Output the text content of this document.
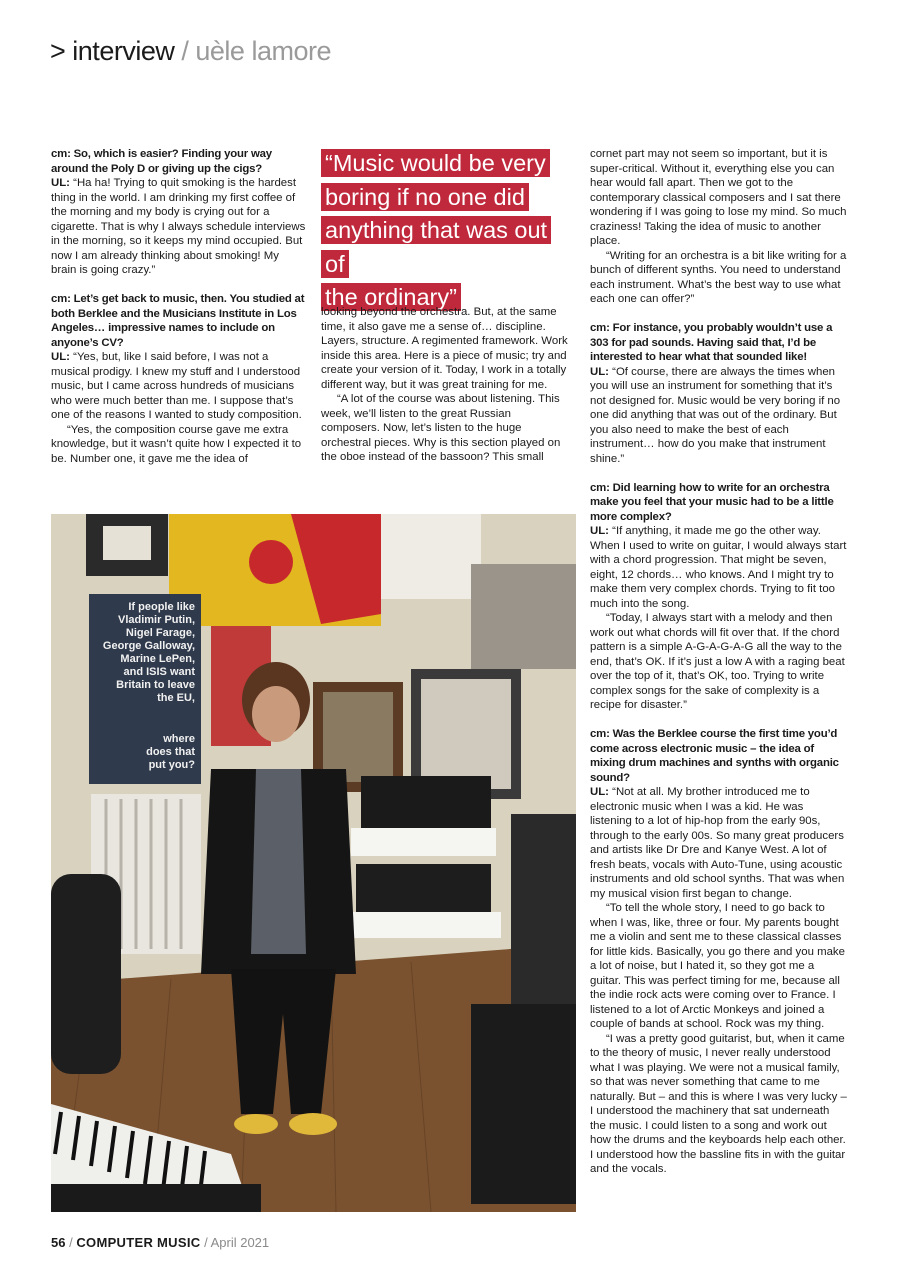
> interview / uèle lamore

cm: So, which is easier? Finding your way around the Poly D or giving up the cigs?

UL: “Ha ha! Trying to quit smoking is the hardest thing in the world. I am drinking my first coffee of the morning and my body is crying out for a cigarette. That is why I always schedule interviews in the morning, so it keeps my mind occupied. But now I am already thinking about smoking! My brain is going crazy.”

cm: Let’s get back to music, then. You studied at both Berklee and the Musicians Institute in Los Angeles… impressive names to include on anyone’s CV?

UL: “Yes, but, like I said before, I was not a musical prodigy. I knew my stuff and I understood music, but I came across hundreds of musicians who were much better than me. I suppose that’s one of the reasons I wanted to study composition.

“Yes, the composition course gave me extra knowledge, but it wasn’t quite how I expected it to be. Number one, it gave me the idea of

“Music would be very
boring if no one did
anything that was out of
the ordinary”

looking beyond the orchestra. But, at the same time, it also gave me a sense of… discipline. Layers, structure. A regimented framework. Work inside this area. Here is a piece of music; try and create your version of it. Today, I work in a totally different way, but it was great training for me.

“A lot of the course was about listening. This week, we’ll listen to the great Russian composers. Now, let’s listen to the huge orchestral pieces. Why is this section played on the oboe instead of the bassoon? This small

cornet part may not seem so important, but it is super-critical. Without it, everything else you can hear would fall apart. Then we got to the contemporary classical composers and I sat there wondering if I was going to lose my mind. So much craziness! Taking the idea of music to another place.

“Writing for an orchestra is a bit like writing for a bunch of different synths. You need to understand each instrument. What’s the best way to use what each one can offer?”

cm: For instance, you probably wouldn’t use a 303 for pad sounds. Having said that, I’d be interested to hear what that sounded like!

UL: “Of course, there are always the times when you will use an instrument for something that it’s not designed for. Music would be very boring if no one did anything that was out of the ordinary. But you also need to make the best of each instrument… how do you make that instrument shine.”

cm: Did learning how to write for an orchestra make you feel that your music had to be a little more complex?

UL: “If anything, it made me go the other way. When I used to write on guitar, I would always start with a chord progression. That might be seven, eight, 12 chords… who knows. And I might try to make them very complex chords. Trying to fit too much into the song.

“Today, I always start with a melody and then work out what chords will fit over that. If the chord pattern is a simple A-G-A-G-A-G all the way to the end, that’s OK. If it’s just a low A with a raging beat over the top of it, that’s OK, too. Trying to write complex songs for the sake of complexity is a recipe for disaster.”

cm: Was the Berklee course the first time you’d come across electronic music – the idea of mixing drum machines and synths with organic sound?

UL: “Not at all. My brother introduced me to electronic music when I was a kid. He was listening to a lot of hip-hop from the early 90s, through to the early 00s. So many great producers and artists like Dr Dre and Kanye West. A lot of fresh beats, vocals with Auto-Tune, using acoustic instruments and old school synths. That was when my musical vision first began to change.

“To tell the whole story, I need to go back to when I was, like, three or four. My parents bought me a violin and sent me to these classical classes for little kids. Basically, you go there and you make a lot of noise, but I hated it, so they got me a guitar. This was perfect timing for me, because all the indie rock acts were coming over to France. I listened to a lot of Arctic Monkeys and joined a couple of bands at school. Rock was my thing.

“I was a pretty good guitarist, but, when it came to the theory of music, I never really understood what I was playing. We were not a musical family, so that was never something that came to me naturally. But – and this is where I was very lucky – I understood the machinery that sat underneath the music. I could listen to a song and work out how the drums and the keyboards help each other. I understood how the bassline fits in with the guitar and the vocals.

If people like
Vladimir Putin,
Nigel Farage,
George Galloway,
Marine LePen,
and ISIS want
Britain to leave
the EU,
where
does that
put you?
56 / COMPUTER MUSIC / April 2021
